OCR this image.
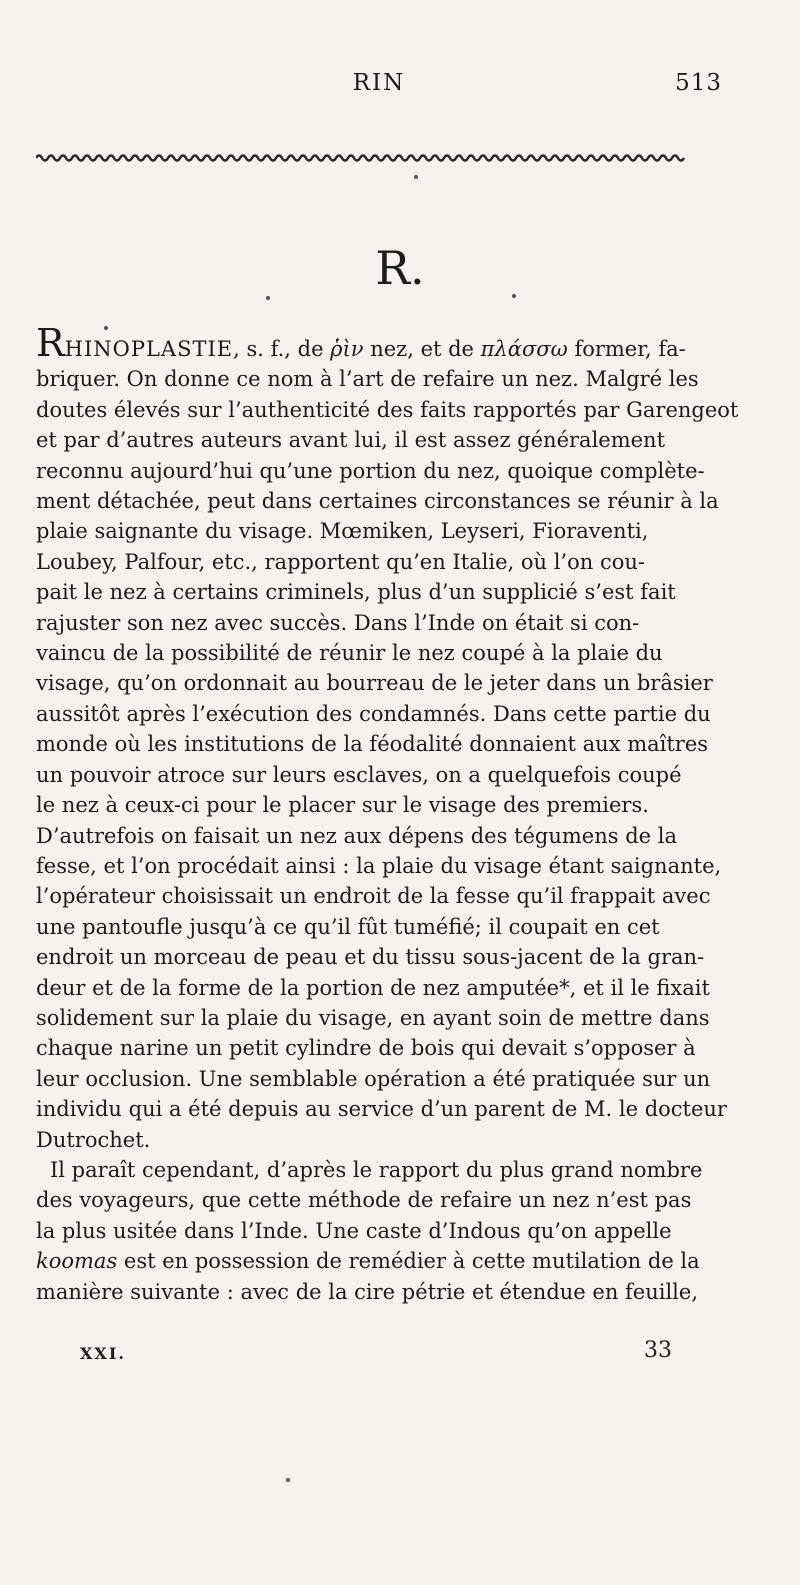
RIN	513
R.

RHINOPLASTIE, s. f., de ῥὶν nez, et de πλάσσω former, fa-
briquer. On donne ce nom à l’art de refaire un nez. Malgré les
doutes élevés sur l’authenticité des faits rapportés par Garengeot
et par d’autres auteurs avant lui, il est assez généralement
reconnu aujourd’hui qu’une portion du nez, quoique complète-
ment détachée, peut dans certaines circonstances se réunir à la
plaie saignante du visage. Mœmiken, Leyseri, Fioraventi,
Loubey, Palfour, etc., rapportent qu’en Italie, où l’on cou-
pait le nez à certains criminels, plus d’un supplicié s’est fait
rajuster son nez avec succès. Dans l’Inde on était si con-
vaincu de la possibilité de réunir le nez coupé à la plaie du
visage, qu’on ordonnait au bourreau de le jeter dans un brâsier
aussitôt après l’exécution des condamnés. Dans cette partie du
monde où les institutions de la féodalité donnaient aux maîtres
un pouvoir atroce sur leurs esclaves, on a quelquefois coupé
le nez à ceux-ci pour le placer sur le visage des premiers.
D’autrefois on faisait un nez aux dépens des tégumens de la
fesse, et l’on procédait ainsi : la plaie du visage étant saignante,
l’opérateur choisissait un endroit de la fesse qu’il frappait avec
une pantoufle jusqu’à ce qu’il fût tuméfié; il coupait en cet
endroit un morceau de peau et du tissu sous-jacent de la gran-
deur et de la forme de la portion de nez amputée*, et il le fixait
solidement sur la plaie du visage, en ayant soin de mettre dans
chaque narine un petit cylindre de bois qui devait s’opposer à
leur occlusion. Une semblable opération a été pratiquée sur un
individu qui a été depuis au service d’un parent de M. le docteur
Dutrochet.

Il paraît cependant, d’après le rapport du plus grand nombre
des voyageurs, que cette méthode de refaire un nez n’est pas
la plus usitée dans l’Inde. Une caste d’Indous qu’on appelle
koomas est en possession de remédier à cette mutilation de la
manière suivante : avec de la cire pétrie et étendue en feuille,

XXI.	33
